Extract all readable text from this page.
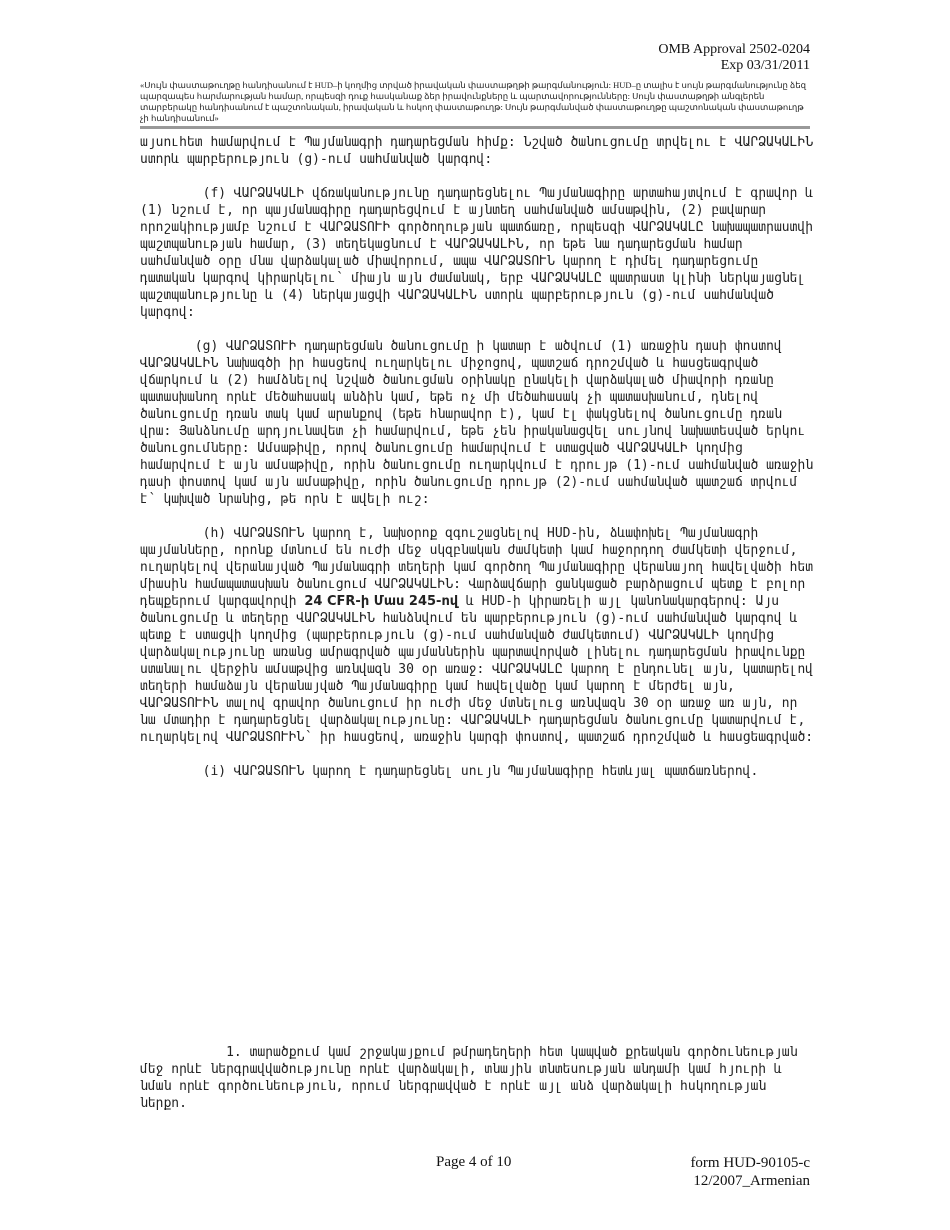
OMB Approval 2502-0204
Exp 03/31/2011
«Սույն փաստաթուղթը հանդիսանում է HUD–ի կողմից տրված իրավական փաստաթղթի թարգմանություն: HUD–ը տալիս է սույն թարգմանությունը ձեզ պարզապես հարմարության համար, որպեսզի դուք հասկանաք ձեր իրավունքները և պարտավորությունները: Սույն փաստաթղթի անգլերեն տարբերակը հանդիսանում է պաշտոնական, իրավական և հսկող փաստաթուղթ: Սույն թարգմանված փաստաթուղթը պաշտոնական փաստաթուղթ չի հանդիսանում»

այսուհետ համարվում է Պայմանագրի դադարեցման հիմք: Նշված ծանուցումը տրվելու է ՎԱՐՁԱԿԱԼԻՆ ստորև պարբերություն (g)-ում սահմանված կարգով:

(f) ՎԱՐՁԱԿԱԼԻ վճռականությունը դադարեցնելու Պայմանագիրը արտահայտվում է գրավոր և (1) նշում է, որ պայմանագիրը դադարեցվում է այնտեղ սահմանված ամսաթվին, (2) բավարար որոշակիությամբ նշում է ՎԱՐՁԱՏՈՒԻ գործողության պատճառը, որպեսզի ՎԱՐՁԱԿԱԼԸ նախապատրաստվի պաշտպանության համար, (3) տեղեկացնում է ՎԱՐՁԱԿԱԼԻՆ, որ եթե նա դադարեցման համար սահմանված օրը մնա վարձակալած միավորում, ապա ՎԱՐՁԱՏՈՒՆ կարող է դիմել դադարեցումը դատական կարգով կիրարկելու՝ միայն այն ժամանակ, երբ ՎԱՐՁԱԿԱԼԸ պատրաստ կլինի ներկայացնել պաշտպանությունը և (4) ներկայացվի ՎԱՐՁԱԿԱԼԻՆ ստորև պարբերություն (g)-ում սահմանված կարգով:

(g) ՎԱՐՁԱՏՈՒԻ դադարեցման ծանուցումը ի կատար է ածվում (1) առաջին դասի փոստով ՎԱՐՁԱԿԱԼԻՆ նախագծի իր հասցեով ուղարկելու միջոցով, պատշաճ դրոշմված և հասցեագրված վճարկում և (2) համձնելով նշված ծանուցման օրինակը ընակելի վարձակալած միավորի դռանը պատասխանող որևէ մեծահասակ անձին կամ, եթե ոչ մի մեծահասակ չի պատասխանում, դնելով ծանուցումը դռան տակ կամ արանքով (եթե հնարավոր է), կամ էլ փակցնելով ծանուցումը դռան վրա: Յանձնումը արդյունավետ չի համարվում, եթե չեն իրականացվել սույնով նախատեսված երկու ծանուցումները: Ամսաթիվը, որով ծանուցումը համարվում է ստացված ՎԱՐՁԱԿԱԼԻ կողմից համարվում է այն ամսաթիվը, որին ծանուցումը ուղարկվում է դրույթ (1)-ում սահմանված առաջին դասի փոստով կամ այն ամսաթիվը, որին ծանուցումը դրույթ (2)-ում սահմանված պատշաճ տրվում է՝ կախված նրանից, թե որն է ավելի ուշ:

(h) ՎԱՐՁԱՏՈՒՆ կարող է, նախօրոք զգուշացնելով HUD-ին, ձևափոխել Պայմանագրի պայմանները, որոնք մտնում են ուժի մեջ սկզբնական ժամկետի կամ հաջորդող ժամկետի վերջում, ուղարկելով վերանայված Պայմանագրի տեղերի կամ գործող Պայմանագիրը վերանայող հավելվածի հետ միասին համապատասխան ծանուցում ՎԱՐՁԱԿԱԼԻՆ: Վարձավճարի ցանկացած բարձրացում պետք է բոլոր դեպքերում կարգավորվի 24 CFR-ի Մաս 245-ով և HUD-ի կիրառելի այլ կանոնակարգերով: Այս ծանուցումը և տեղերը ՎԱՐՁԱԿԱԼԻՆ հանձնվում են պարբերություն (g)-ում սահմանված կարգով և պետք է ստացվի կողմից (պարբերություն (g)-ում սահմանված ժամկետում) ՎԱՐՁԱԿԱԼԻ կողմից վարձակալությունը առանց ամրագրված պայմաններին պարտավորված լինելու դադարեցման իրավունքը ստանալու վերջին ամսաթվից առնվազն 30 օր առաջ: ՎԱՐՁԱԿԱԼԸ կարող է ընդունել այն, կատարելով տեղերի համաձայն վերանայված Պայմանագիրը կամ հավելվածը կամ կարող է մերժել այն, ՎԱՐՁԱՏՈՒԻՆ տալով գրավոր ծանուցում իր ուժի մեջ մտնելուց առնվազն 30 օր առաջ առ այն, որ նա մտադիր է դադարեցնել վարձակալությունը: ՎԱՐՁԱԿԱԼԻ դադարեցման ծանուցումը կատարվում է, ուղարկելով ՎԱՐՁԱՏՈՒԻՆ՝ իր հասցեով, առաջին կարգի փոստով, պատշաճ դրոշմված և հասցեագրված:

(i) ՎԱՐՁԱՏՈՒՆ կարող է դադարեցնել սույն Պայմանագիրը հետևյալ պատճառներով.

1. տարածքում կամ շրջակայքում թմրադեղերի հետ կապված քրեական գործունեության մեջ որևէ ներգրավվածությունը որևէ վարձակալի, տնային տնտեսության անդամի կամ հյուրի և նման որևէ գործունեություն, որում ներգրավված է որևէ այլ անձ վարձակալի հսկողության ներքո.

Page 4 of 10	form HUD-90105-c
12/2007_Armenian
